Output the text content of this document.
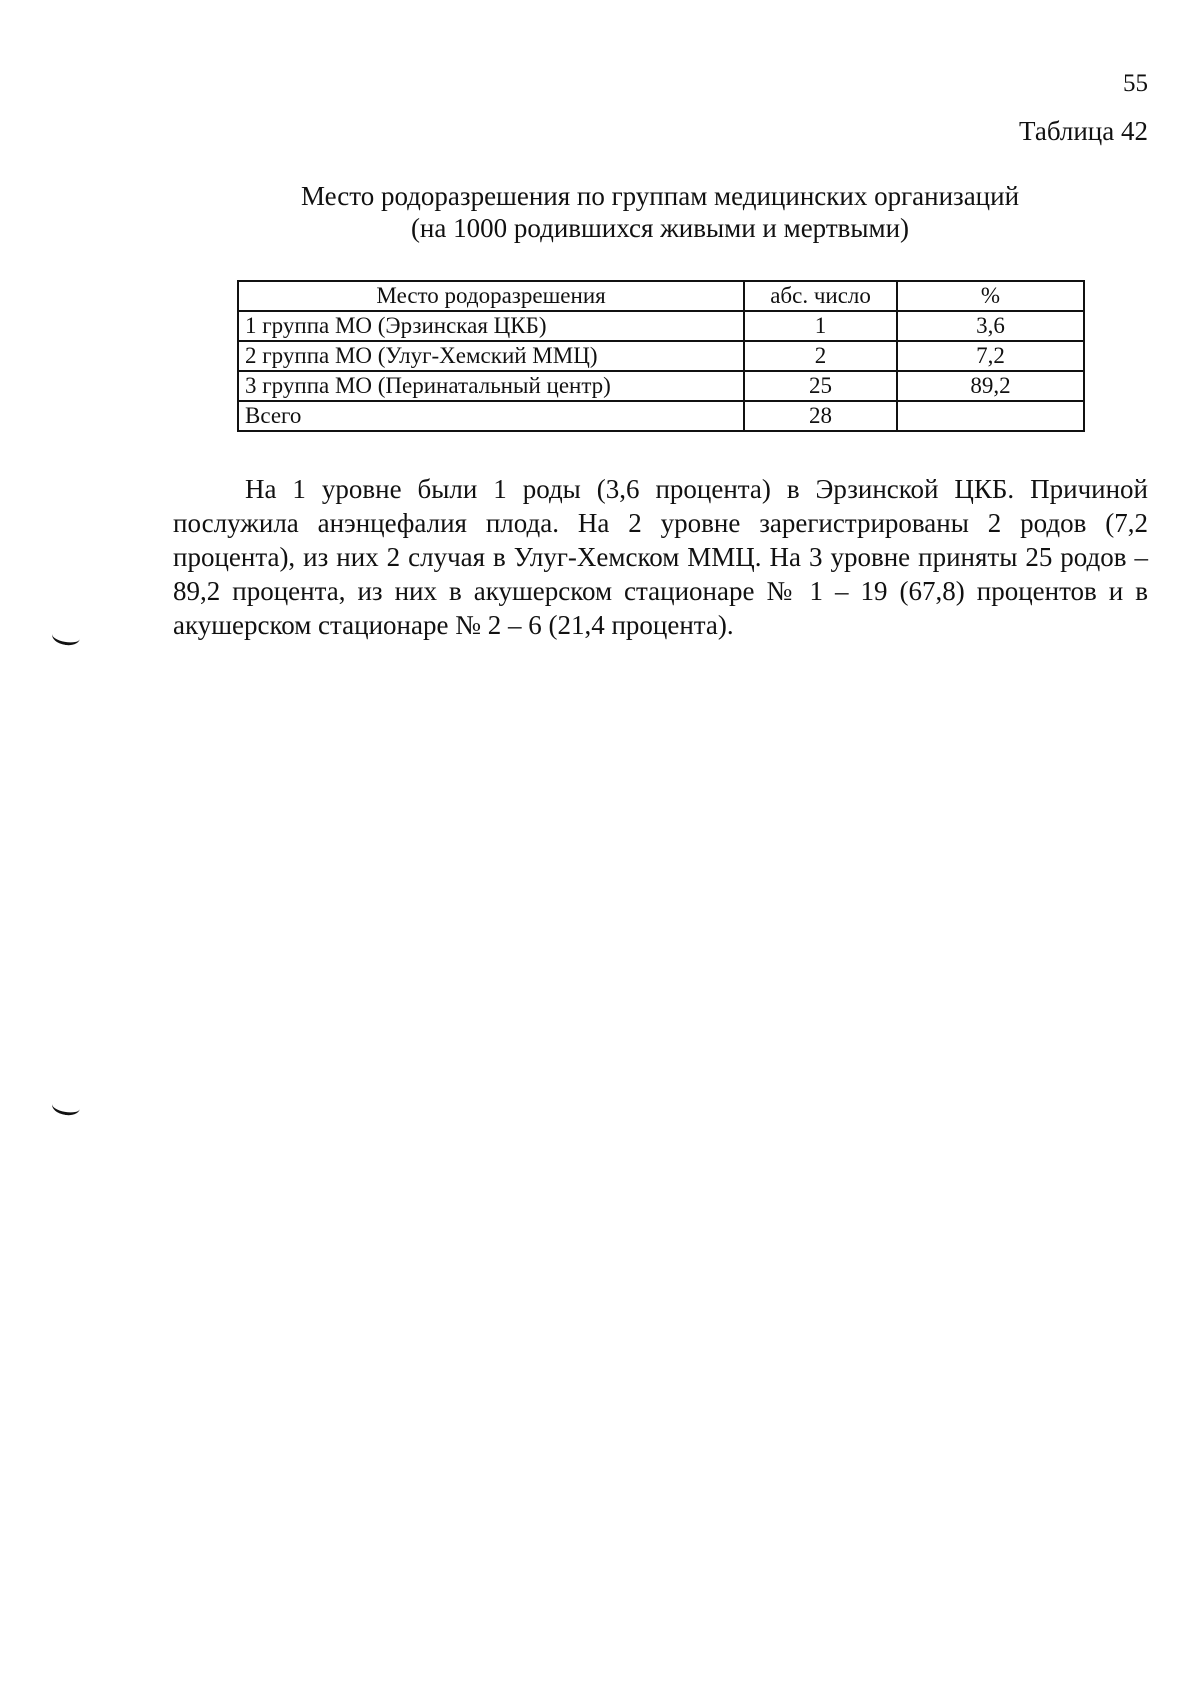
55
Таблица 42
Место родоразрешения по группам медицинских организаций
(на 1000 родившихся живыми и мертвыми)
Место родоразрешения	абс. число	%
1 группа МО (Эрзинская ЦКБ)	1	3,6
2 группа МО (Улуг-Хемский ММЦ)	2	7,2
3 группа МО (Перинатальный центр)	25	89,2
Всего	28	
На 1 уровне были 1 роды (3,6 процента) в Эрзинской ЦКБ. Причиной послужила анэнцефалия плода. На 2 уровне зарегистрированы 2 родов (7,2 процента), из них 2 случая в Улуг-Хемском ММЦ. На 3 уровне приняты 25 родов – 89,2 процента, из них в акушерском стационаре № 1 – 19 (67,8) процентов и в акушерском стационаре № 2 – 6 (21,4 процента).
